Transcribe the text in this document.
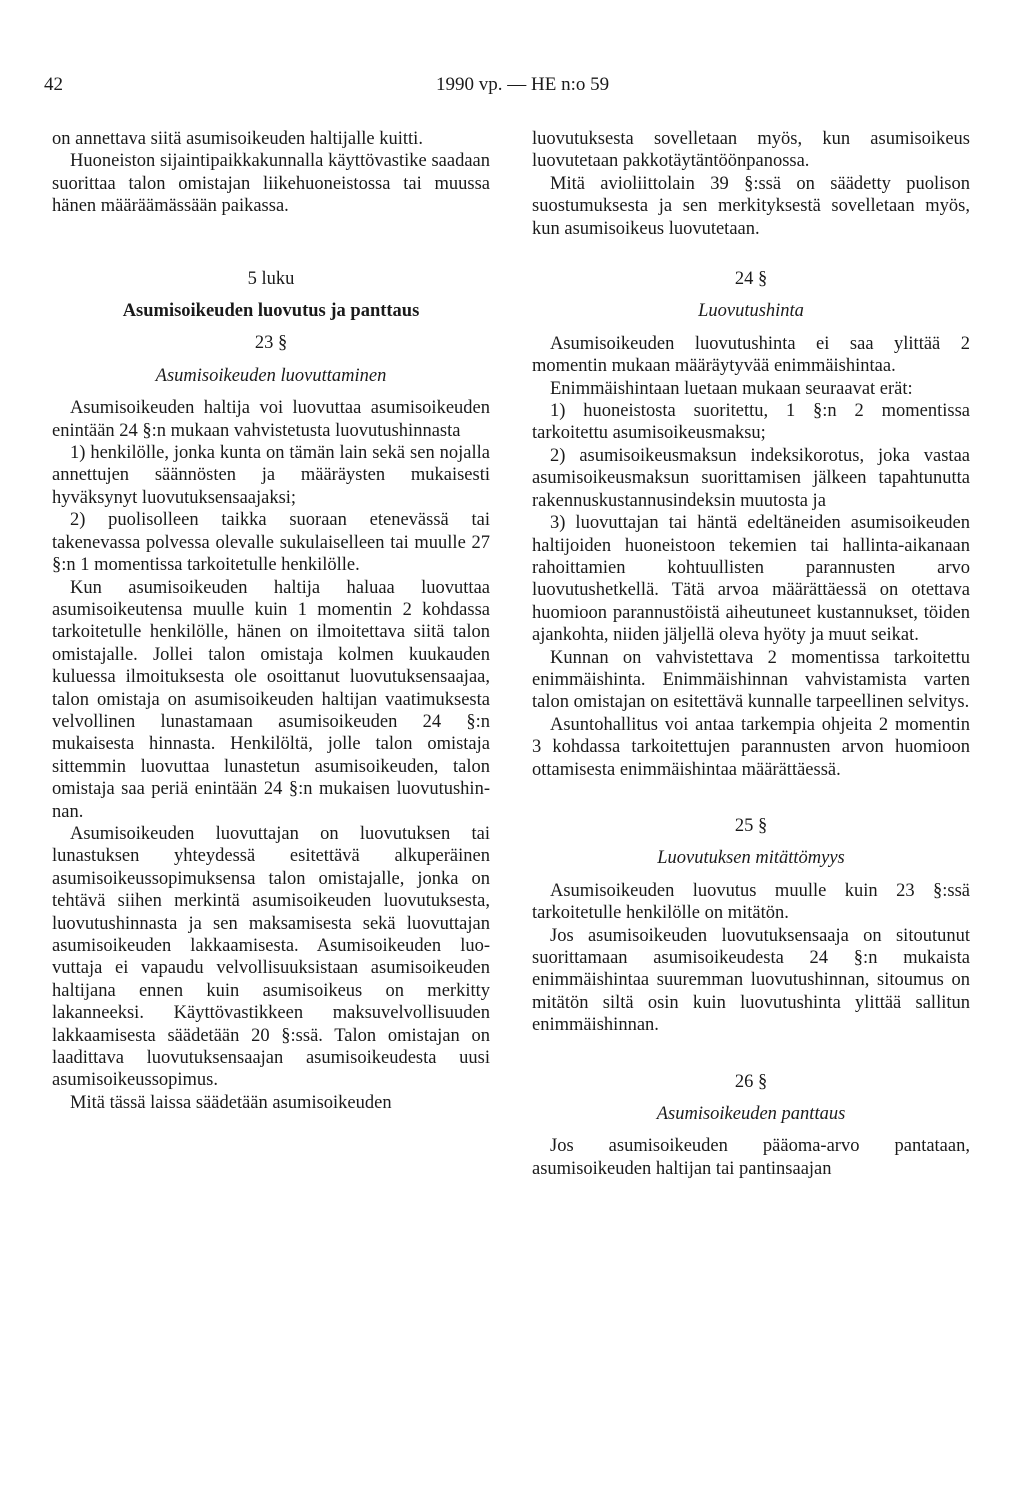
42	1990 vp. — HE n:o 59

on annettava siitä asumisoikeuden haltijalle kuitti.

Huoneiston sijaintipaikkakunnalla käyttövastike saadaan suorittaa talon omistajan liikehuoneistossa tai muussa hänen määräämässään paikassa.

5 luku

Asumisoikeuden luovutus ja panttaus

23 §

Asumisoikeuden luovuttaminen

Asumisoikeuden haltija voi luovuttaa asumisoikeuden enintään 24 §:n mukaan vahvistetusta luovutushinnasta

1) henkilölle, jonka kunta on tämän lain sekä sen nojalla annettujen säännösten ja määräysten mukaisesti hyväksynyt luovutuksensaajaksi;

2) puolisolleen taikka suoraan etenevässä tai takenevassa polvessa olevalle sukulaiselleen tai muulle 27 §:n 1 momentissa tarkoitetulle henkilölle.

Kun asumisoikeuden haltija haluaa luovuttaa asumisoikeutensa muulle kuin 1 momentin 2 kohdassa tarkoitetulle henkilölle, hänen on ilmoitettava siitä talon omistajalle. Jollei talon omistaja kolmen kuukauden kuluessa ilmoituksesta ole osoittanut luovutuksensaajaa, talon omistaja on asumisoikeuden haltijan vaatimuksesta velvollinen lunastamaan asumisoikeuden 24 §:n mukaisesta hinnasta. Henkilöltä, jolle talon omistaja sittemmin luovuttaa lunastetun asumisoikeuden, talon omistaja saa periä enintään 24 §:n mukaisen luovutushinnan.

Asumisoikeuden luovuttajan on luovutuksen tai lunastuksen yhteydessä esitettävä alkuperäinen asumisoikeussopimuksensa talon omistajalle, jonka on tehtävä siihen merkintä asumisoikeuden luovutuksesta, luovutushinnasta ja sen maksamisesta sekä luovuttajan asumisoikeuden lakkaamisesta. Asumisoikeuden luovuttaja ei vapaudu velvollisuuksistaan asumisoikeuden haltijana ennen kuin asumisoikeus on merkitty lakanneeksi. Käyttövastikkeen maksuvelvollisuuden lakkaamisesta säädetään 20 §:ssä. Talon omistajan on laadittava luovutuksensaajan asumisoikeudesta uusi asumisoikeussopimus.

Mitä tässä laissa säädetään asumisoikeuden

luovutuksesta sovelletaan myös, kun asumisoikeus luovutetaan pakkotäytäntöönpanossa.

Mitä avioliittolain 39 §:ssä on säädetty puolison suostumuksesta ja sen merkityksestä sovelletaan myös, kun asumisoikeus luovutetaan.

24 §

Luovutushinta

Asumisoikeuden luovutushinta ei saa ylittää 2 momentin mukaan määräytyvää enimmäishintaa.

Enimmäishintaan luetaan mukaan seuraavat erät:

1) huoneistosta suoritettu, 1 §:n 2 momentissa tarkoitettu asumisoikeusmaksu;

2) asumisoikeusmaksun indeksikorotus, joka vastaa asumisoikeusmaksun suorittamisen jälkeen tapahtunutta rakennuskustannusindeksin muutosta ja

3) luovuttajan tai häntä edeltäneiden asumisoikeuden haltijoiden huoneistoon tekemien tai hallinta-aikanaan rahoittamien kohtuullisten parannusten arvo luovutushetkellä. Tätä arvoa määrättäessä on otettava huomioon parannustöistä aiheutuneet kustannukset, töiden ajankohta, niiden jäljellä oleva hyöty ja muut seikat.

Kunnan on vahvistettava 2 momentissa tarkoitettu enimmäishinta. Enimmäishinnan vahvistamista varten talon omistajan on esitettävä kunnalle tarpeellinen selvitys.

Asuntohallitus voi antaa tarkempia ohjeita 2 momentin 3 kohdassa tarkoitettujen parannusten arvon huomioon ottamisesta enimmäishintaa määrättäessä.

25 §

Luovutuksen mitättömyys

Asumisoikeuden luovutus muulle kuin 23 §:ssä tarkoitetulle henkilölle on mitätön.

Jos asumisoikeuden luovutuksensaaja on sitoutunut suorittamaan asumisoikeudesta 24 §:n mukaista enimmäishintaa suuremman luovutushinnan, sitoumus on mitätön siltä osin kuin luovutushinta ylittää sallitun enimmäishinnan.

26 §

Asumisoikeuden panttaus

Jos asumisoikeuden pääoma-arvo pantataan, asumisoikeuden haltijan tai pantinsaajan
